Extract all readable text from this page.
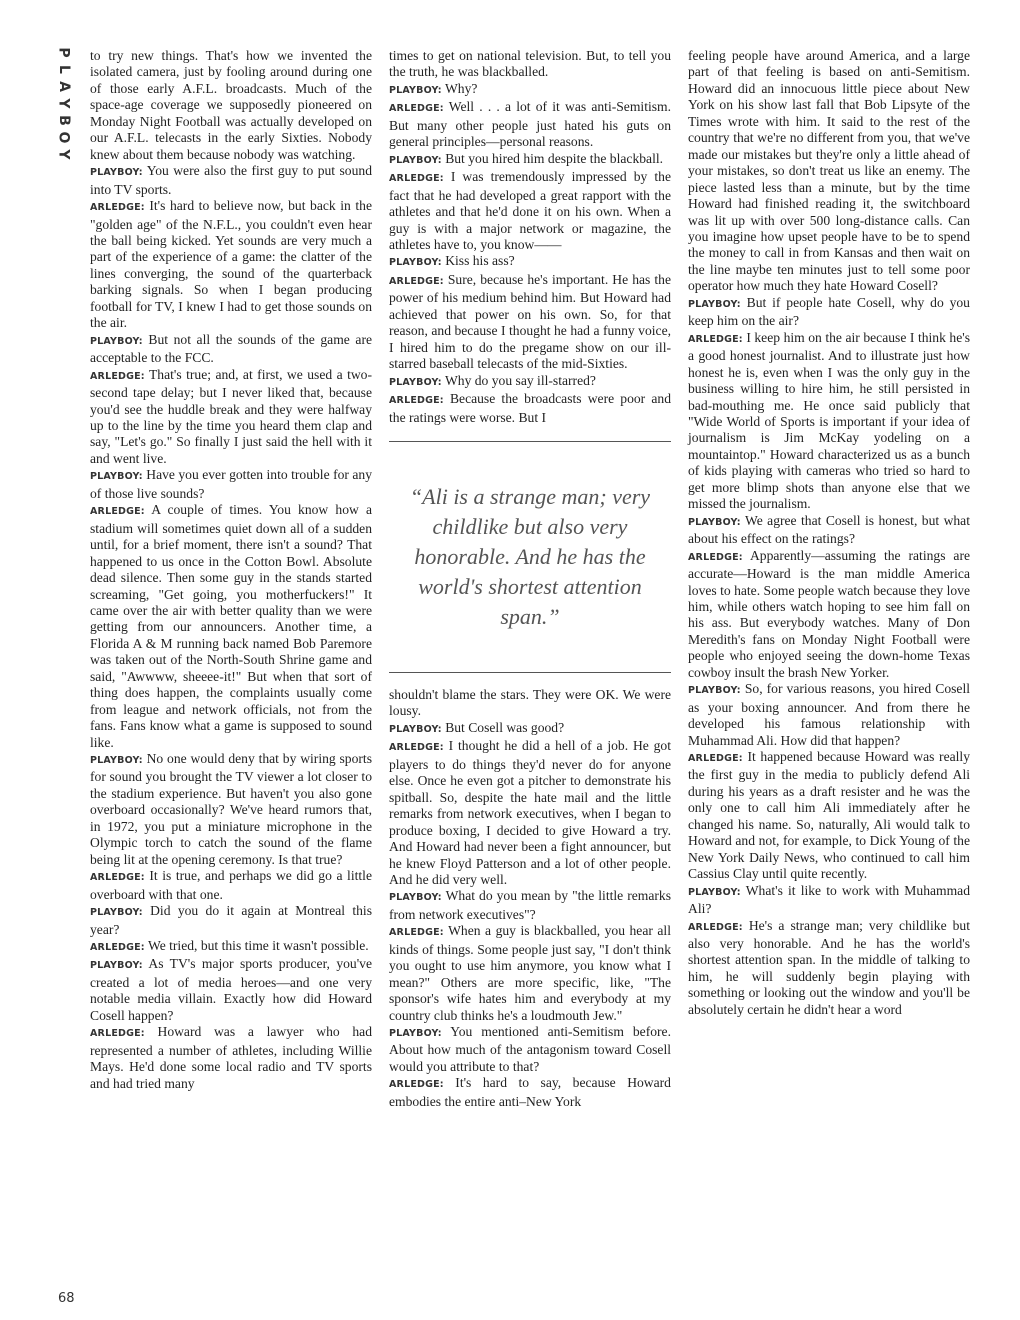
P
L
A
Y
B
O
Y
68

to try new things. That's how we invented the isolated camera, just by fooling around during one of those early A.F.L. broadcasts. Much of the space-age coverage we supposedly pioneered on Monday Night Football was actually developed on our A.F.L. telecasts in the early Sixties. Nobody knew about them because nobody was watching.

PLAYBOY: You were also the first guy to put sound into TV sports.

ARLEDGE: It's hard to believe now, but back in the "golden age" of the N.F.L., you couldn't even hear the ball being kicked. Yet sounds are very much a part of the experience of a game: the clatter of the lines converging, the sound of the quarterback barking signals. So when I began producing football for TV, I knew I had to get those sounds on the air.

PLAYBOY: But not all the sounds of the game are acceptable to the FCC.

ARLEDGE: That's true; and, at first, we used a two-second tape delay; but I never liked that, because you'd see the huddle break and they were halfway up to the line by the time you heard them clap and say, "Let's go." So finally I just said the hell with it and went live.

PLAYBOY: Have you ever gotten into trouble for any of those live sounds?

ARLEDGE: A couple of times. You know how a stadium will sometimes quiet down all of a sudden until, for a brief moment, there isn't a sound? That happened to us once in the Cotton Bowl. Absolute dead silence. Then some guy in the stands started screaming, "Get going, you motherfuckers!" It came over the air with better quality than we were getting from our announcers. Another time, a Florida A & M running back named Bob Paremore was taken out of the North-South Shrine game and said, "Awwww, sheeee-it!" But when that sort of thing does happen, the complaints usually come from league and network officials, not from the fans. Fans know what a game is supposed to sound like.

PLAYBOY: No one would deny that by wiring sports for sound you brought the TV viewer a lot closer to the stadium experience. But haven't you also gone overboard occasionally? We've heard rumors that, in 1972, you put a miniature microphone in the Olympic torch to catch the sound of the flame being lit at the opening ceremony. Is that true?

ARLEDGE: It is true, and perhaps we did go a little overboard with that one.

PLAYBOY: Did you do it again at Montreal this year?

ARLEDGE: We tried, but this time it wasn't possible.

PLAYBOY: As TV's major sports producer, you've created a lot of media heroes—and one very notable media villain. Exactly how did Howard Cosell happen?

ARLEDGE: Howard was a lawyer who had represented a number of athletes, including Willie Mays. He'd done some local radio and TV sports and had tried many

times to get on national television. But, to tell you the truth, he was blackballed.

PLAYBOY: Why?

ARLEDGE: Well . . . a lot of it was anti-Semitism. But many other people just hated his guts on general principles—personal reasons.

PLAYBOY: But you hired him despite the blackball.

ARLEDGE: I was tremendously impressed by the fact that he had developed a great rapport with the athletes and that he'd done it on his own. When a guy is with a major network or magazine, the athletes have to, you know——

PLAYBOY: Kiss his ass?

ARLEDGE: Sure, because he's important. He has the power of his medium behind him. But Howard had achieved that power on his own. So, for that reason, and because I thought he had a funny voice, I hired him to do the pregame show on our ill-starred baseball telecasts of the mid-Sixties.

PLAYBOY: Why do you say ill-starred?

ARLEDGE: Because the broadcasts were poor and the ratings were worse. But I

“Ali is a strange man; very childlike but also very honorable. And he has the world's shortest attention span.”

shouldn't blame the stars. They were OK. We were lousy.

PLAYBOY: But Cosell was good?

ARLEDGE: I thought he did a hell of a job. He got players to do things they'd never do for anyone else. Once he even got a pitcher to demonstrate his spitball. So, despite the hate mail and the little remarks from network executives, when I began to produce boxing, I decided to give Howard a try. And Howard had never been a fight announcer, but he knew Floyd Patterson and a lot of other people. And he did very well.

PLAYBOY: What do you mean by "the little remarks from network executives"?

ARLEDGE: When a guy is blackballed, you hear all kinds of things. Some people just say, "I don't think you ought to use him anymore, you know what I mean?" Others are more specific, like, "The sponsor's wife hates him and everybody at my country club thinks he's a loudmouth Jew."

PLAYBOY: You mentioned anti-Semitism before. About how much of the antagonism toward Cosell would you attribute to that?

ARLEDGE: It's hard to say, because Howard embodies the entire anti–New York

feeling people have around America, and a large part of that feeling is based on anti-Semitism. Howard did an innocuous little piece about New York on his show last fall that Bob Lipsyte of the Times wrote with him. It said to the rest of the country that we're no different from you, that we've made our mistakes but they're only a little ahead of your mistakes, so don't treat us like an enemy. The piece lasted less than a minute, but by the time Howard had finished reading it, the switchboard was lit up with over 500 long-distance calls. Can you imagine how upset people have to be to spend the money to call in from Kansas and then wait on the line maybe ten minutes just to tell some poor operator how much they hate Howard Cosell?

PLAYBOY: But if people hate Cosell, why do you keep him on the air?

ARLEDGE: I keep him on the air because I think he's a good honest journalist. And to illustrate just how honest he is, even when I was the only guy in the business willing to hire him, he still persisted in bad-mouthing me. He once said publicly that "Wide World of Sports is important if your idea of journalism is Jim McKay yodeling on a mountaintop." Howard characterized us as a bunch of kids playing with cameras who tried so hard to get more blimp shots than anyone else that we missed the journalism.

PLAYBOY: We agree that Cosell is honest, but what about his effect on the ratings?

ARLEDGE: Apparently—assuming the ratings are accurate—Howard is the man middle America loves to hate. Some people watch because they love him, while others watch hoping to see him fall on his ass. But everybody watches. Many of Don Meredith's fans on Monday Night Football were people who enjoyed seeing the down-home Texas cowboy insult the brash New Yorker.

PLAYBOY: So, for various reasons, you hired Cosell as your boxing announcer. And from there he developed his famous relationship with Muhammad Ali. How did that happen?

ARLEDGE: It happened because Howard was really the first guy in the media to publicly defend Ali during his years as a draft resister and he was the only one to call him Ali immediately after he changed his name. So, naturally, Ali would talk to Howard and not, for example, to Dick Young of the New York Daily News, who continued to call him Cassius Clay until quite recently.

PLAYBOY: What's it like to work with Muhammad Ali?

ARLEDGE: He's a strange man; very childlike but also very honorable. And he has the world's shortest attention span. In the middle of talking to him, he will suddenly begin playing with something or looking out the window and you'll be absolutely certain he didn't hear a word
